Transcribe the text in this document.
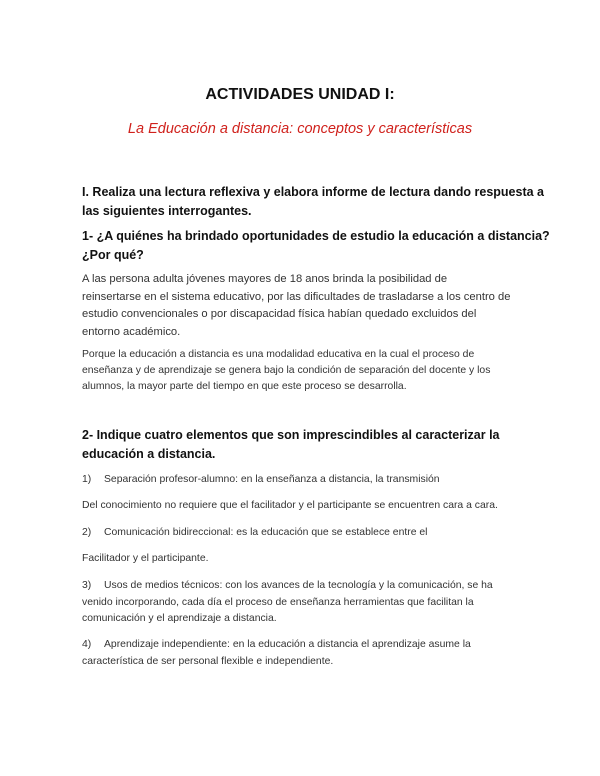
ACTIVIDADES UNIDAD I:
La Educación a distancia: conceptos y características
I. Realiza una lectura reflexiva y elabora informe de lectura dando respuesta a
las siguientes interrogantes.
1- ¿A quiénes ha brindado oportunidades de estudio la educación a distancia?
¿Por qué?
A las persona adulta jóvenes mayores de 18 anos brinda la posibilidad de
reinsertarse en el sistema educativo, por las dificultades de trasladarse a los centro de
estudio convencionales o por discapacidad física habían quedado excluidos del
entorno académico.
Porque la educación a distancia es una modalidad educativa en la cual el proceso de
enseñanza y de aprendizaje se genera bajo la condición de separación del docente y los
alumnos, la mayor parte del tiempo en que este proceso se desarrolla.
2- Indique cuatro elementos que son imprescindibles al caracterizar la
educación a distancia.
1) Separación profesor-alumno: en la enseñanza a distancia, la transmisión
Del conocimiento no requiere que el facilitador y el participante se encuentren cara a cara.
2) Comunicación bidireccional: es la educación que se establece entre el
Facilitador y el participante.
3) Usos de medios técnicos: con los avances de la tecnología y la comunicación, se ha
venido incorporando, cada día el proceso de enseñanza herramientas que facilitan la
comunicación y el aprendizaje a distancia.
4) Aprendizaje independiente: en la educación a distancia el aprendizaje asume la
característica de ser personal flexible e independiente.
